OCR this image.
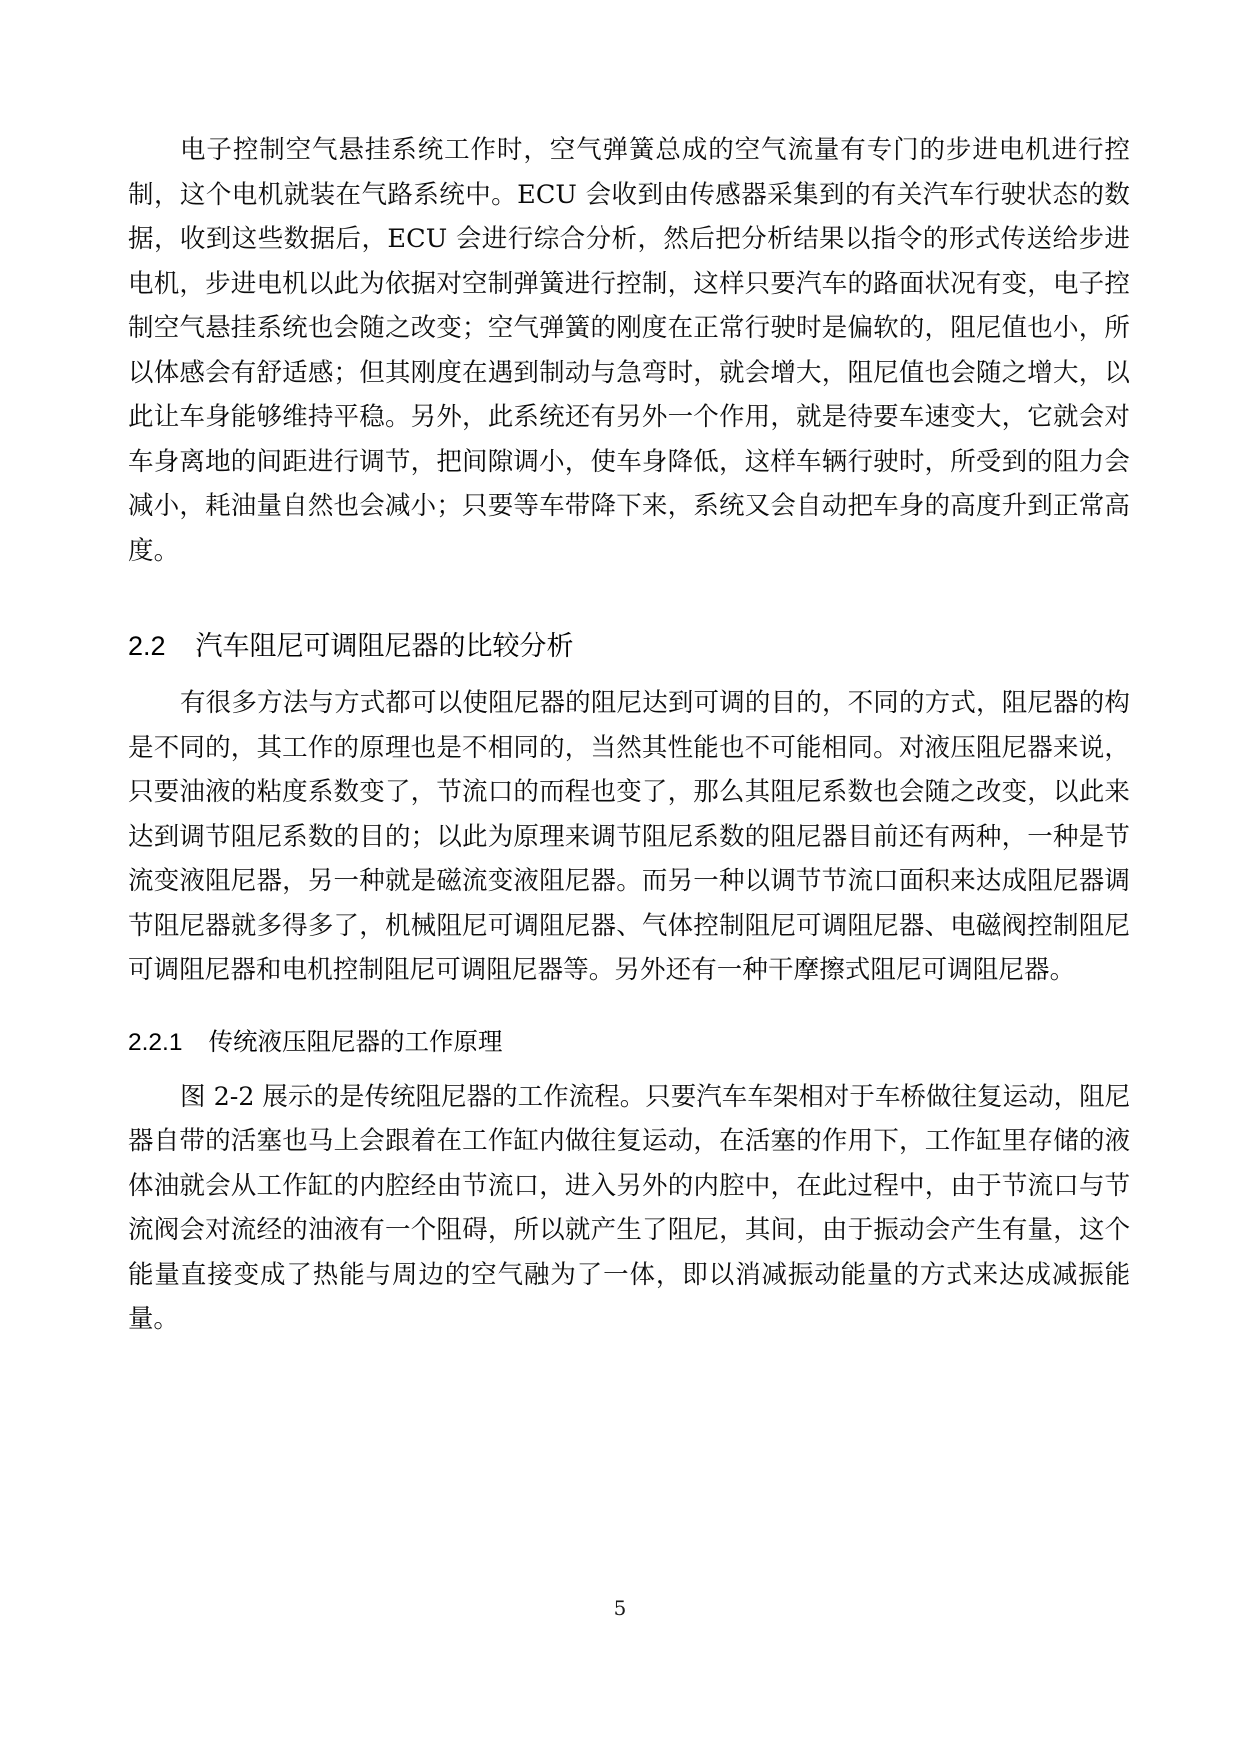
电子控制空气悬挂系统工作时，空气弹簧总成的空气流量有专门的步进电机进行控制，这个电机就装在气路系统中。ECU 会收到由传感器采集到的有关汽车行驶状态的数据，收到这些数据后，ECU 会进行综合分析，然后把分析结果以指令的形式传送给步进电机，步进电机以此为依据对空制弹簧进行控制，这样只要汽车的路面状况有变，电子控制空气悬挂系统也会随之改变；空气弹簧的刚度在正常行驶时是偏软的，阻尼值也小，所以体感会有舒适感；但其刚度在遇到制动与急弯时，就会增大，阻尼值也会随之增大，以此让车身能够维持平稳。另外，此系统还有另外一个作用，就是待要车速变大，它就会对车身离地的间距进行调节，把间隙调小，使车身降低，这样车辆行驶时，所受到的阻力会减小，耗油量自然也会减小；只要等车带降下来，系统又会自动把车身的高度升到正常高度。

2.2 汽车阻尼可调阻尼器的比较分析

有很多方法与方式都可以使阻尼器的阻尼达到可调的目的，不同的方式，阻尼器的构是不同的，其工作的原理也是不相同的，当然其性能也不可能相同。对液压阻尼器来说，只要油液的粘度系数变了，节流口的而程也变了，那么其阻尼系数也会随之改变，以此来达到调节阻尼系数的目的；以此为原理来调节阻尼系数的阻尼器目前还有两种，一种是节流变液阻尼器，另一种就是磁流变液阻尼器。而另一种以调节节流口面积来达成阻尼器调节阻尼器就多得多了，机械阻尼可调阻尼器、气体控制阻尼可调阻尼器、电磁阀控制阻尼可调阻尼器和电机控制阻尼可调阻尼器等。另外还有一种干摩擦式阻尼可调阻尼器。

2.2.1 传统液压阻尼器的工作原理

图 2-2 展示的是传统阻尼器的工作流程。只要汽车车架相对于车桥做往复运动，阻尼器自带的活塞也马上会跟着在工作缸内做往复运动，在活塞的作用下，工作缸里存储的液体油就会从工作缸的内腔经由节流口，进入另外的内腔中，在此过程中，由于节流口与节流阀会对流经的油液有一个阻碍，所以就产生了阻尼，其间，由于振动会产生有量，这个能量直接变成了热能与周边的空气融为了一体，即以消减振动能量的方式来达成减振能量。

5
